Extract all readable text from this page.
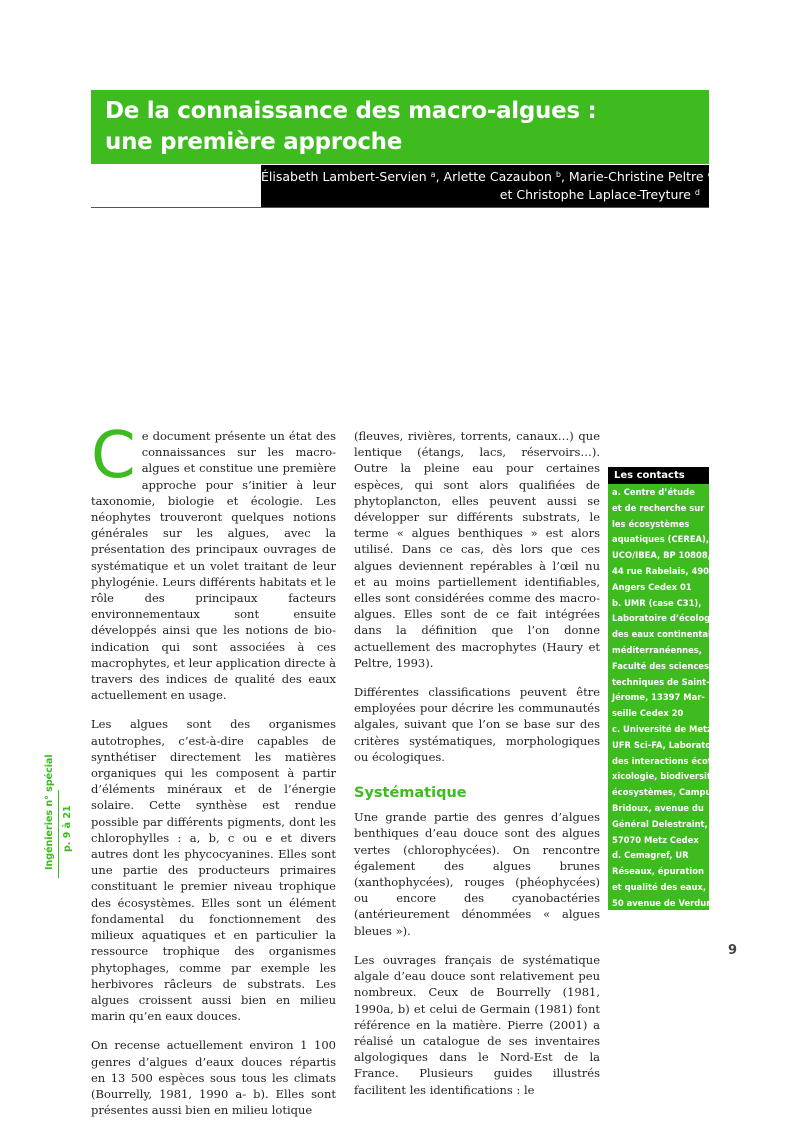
De la connaissance des macro-algues :
une première approche
Élisabeth Lambert-Servien $^a$, Arlette Cazaubon $^b$, Marie-Christine Peltre $^c$
et Christophe Laplace-Treyture $^d$

Ce document présente un état des connaissances sur les macro-algues et constitue une première approche pour s’initier à leur taxonomie, biologie et écologie. Les néophytes trouveront quelques notions générales sur les algues, avec la présentation des principaux ouvrages de systématique et un volet traitant de leur phylogénie. Leurs différents habitats et le rôle des principaux facteurs environnementaux sont ensuite développés ainsi que les notions de bio-indication qui sont associées à ces macrophytes, et leur application directe à travers des indices de qualité des eaux actuellement en usage.

Les algues sont des organismes autotrophes, c’est-à-dire capables de synthétiser directement les matières organiques qui les composent à partir d’éléments minéraux et de l’énergie solaire. Cette synthèse est rendue possible par différents pigments, dont les chlorophylles : a, b, c ou e et divers autres dont les phycocyanines. Elles sont une partie des producteurs primaires constituant le premier niveau trophique des écosystèmes. Elles sont un élément fondamental du fonctionnement des milieux aquatiques et en particulier la ressource trophique des organismes phytophages, comme par exemple les herbivores râcleurs de substrats. Les algues croissent aussi bien en milieu marin qu’en eaux douces.

On recense actuellement environ 1 100 genres d’algues d’eaux douces répartis en 13 500 espèces sous tous les climats (Bourrelly, 1981, 1990 a- b). Elles sont présentes aussi bien en milieu lotique

(fleuves, rivières, torrents, canaux…) que lentique (étangs, lacs, réservoirs…). Outre la pleine eau pour certaines espèces, qui sont alors qualifiées de phytoplancton, elles peuvent aussi se développer sur différents substrats, le terme « algues benthiques » est alors utilisé. Dans ce cas, dès lors que ces algues deviennent repérables à l’œil nu et au moins partiellement identifiables, elles sont considérées comme des macro-algues. Elles sont de ce fait intégrées dans la définition que l’on donne actuellement des macrophytes (Haury et Peltre, 1993).

Différentes classifications peuvent être employées pour décrire les communautés algales, suivant que l’on se base sur des critères systématiques, morphologiques ou écologiques.

Systématique

Une grande partie des genres d’algues benthiques d’eau douce sont des algues vertes (chlorophycées). On rencontre également des algues brunes (xanthophycées), rouges (phéophycées) ou encore des cyanobactéries (antérieurement dénommées « algues bleues »).

Les ouvrages français de systématique algale d’eau douce sont relativement peu nombreux. Ceux de Bourrelly (1981, 1990a, b) et celui de Germain (1981) font référence en la matière. Pierre (2001) a réalisé un catalogue de ses inventaires algologiques dans le Nord-Est de la France. Plusieurs guides illustrés facilitent les identifications : le

Les contacts
a. Centre d’étude
et de recherche sur
les écosystèmes
aquatiques (CEREA),
UCO/IBEA, BP 10808,
44 rue Rabelais, 49008
Angers Cedex 01
b. UMR (case C31),
Laboratoire d’écologie
des eaux continentales
méditerranéennes,
Faculté des sciences et
techniques de Saint-
Jérome, 13397 Mar-
seille Cedex 20
c. Université de Metz,
UFR Sci-FA, Laboratoire
des interactions écoto-
xicologie, biodiversité,
écosystèmes, Campus
Bridoux, avenue du
Général Delestraint,
57070 Metz Cedex
d. Cemagref, UR
Réseaux, épuration
et qualité des eaux,
50 avenue de Verdun,
33612 Cestas Cedex
Ingénieries n° spécial p. 9 à 21
9
